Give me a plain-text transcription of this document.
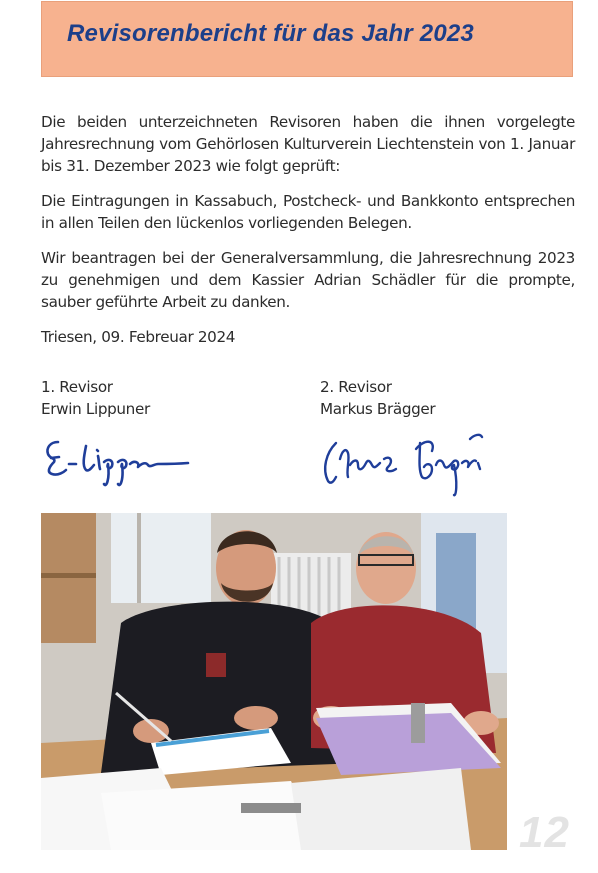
Revisorenbericht für das Jahr 2023

Die beiden unterzeichneten Revisoren haben die ihnen vorgelegte Jahresrechnung vom Gehörlosen Kulturverein Liechtenstein von 1. Januar bis 31. Dezember 2023 wie folgt geprüft:

Die Eintragungen in Kassabuch, Postcheck- und Bankkonto entsprechen in allen Teilen den lückenlos vorliegenden Belegen.

Wir beantragen bei der Generalversammlung, die Jahresrechnung 2023 zu genehmigen und dem Kassier Adrian Schädler für die prompte, sauber geführte Arbeit zu danken.

Triesen, 09. Febreuar 2024

1. Revisor
Erwin Lippuner
2. Revisor
Markus Brägger
12
